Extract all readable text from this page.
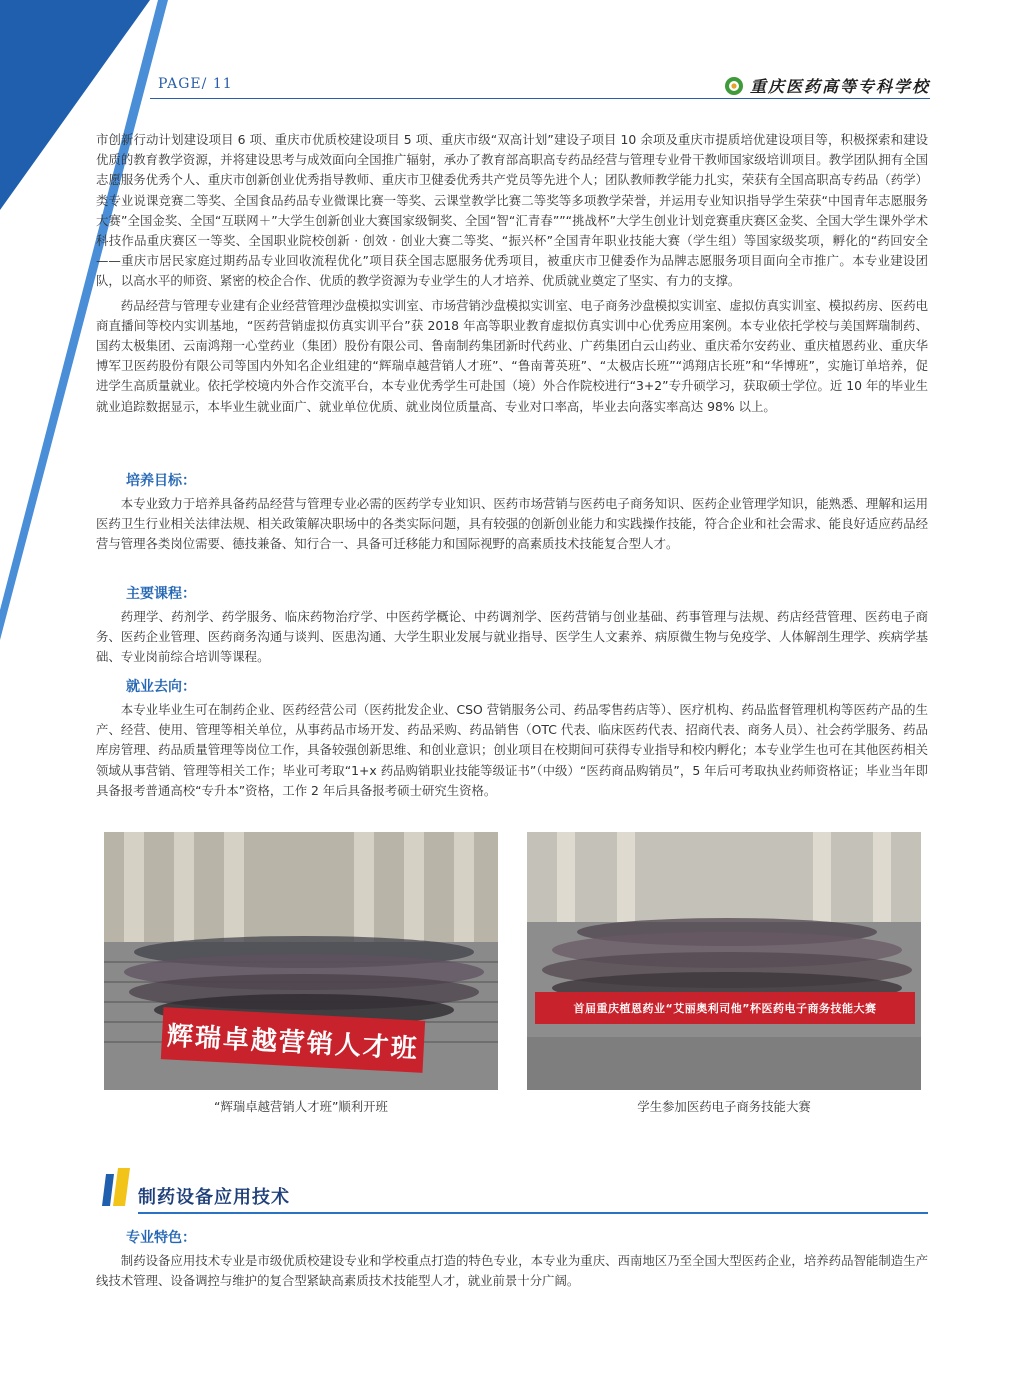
PAGE/ 11	重庆医药高等专科学校

市创新行动计划建设项目 6 项、重庆市优质校建设项目 5 项、重庆市级“双高计划”建设子项目 10 余项及重庆市提质培优建设项目等，积极探索和建设优质的教育教学资源，并将建设思考与成效面向全国推广辐射，承办了教育部高职高专药品经营与管理专业骨干教师国家级培训项目。教学团队拥有全国志愿服务优秀个人、重庆市创新创业优秀指导教师、重庆市卫健委优秀共产党员等先进个人；团队教师教学能力扎实，荣获有全国高职高专药品（药学）类专业说课竞赛二等奖、全国食品药品专业微课比赛一等奖、云课堂教学比赛二等奖等多项教学荣誉，并运用专业知识指导学生荣获“中国青年志愿服务大赛”全国金奖、全国“互联网＋”大学生创新创业大赛国家级铜奖、全国“智“汇青春””“挑战杯”大学生创业计划竞赛重庆赛区金奖、全国大学生课外学术科技作品重庆赛区一等奖、全国职业院校创新 · 创效 · 创业大赛二等奖、“振兴杯”全国青年职业技能大赛（学生组）等国家级奖项，孵化的“药回安全——重庆市居民家庭过期药品专业回收流程优化”项目获全国志愿服务优秀项目，被重庆市卫健委作为品牌志愿服务项目面向全市推广。本专业建设团队，以高水平的师资、紧密的校企合作、优质的教学资源为专业学生的人才培养、优质就业奠定了坚实、有力的支撑。

药品经营与管理专业建有企业经营管理沙盘模拟实训室、市场营销沙盘模拟实训室、电子商务沙盘模拟实训室、虚拟仿真实训室、模拟药房、医药电商直播间等校内实训基地，“医药营销虚拟仿真实训平台”获 2018 年高等职业教育虚拟仿真实训中心优秀应用案例。本专业依托学校与美国辉瑞制药、国药太极集团、云南鸿翔一心堂药业（集团）股份有限公司、鲁南制药集团新时代药业、广药集团白云山药业、重庆希尔安药业、重庆植恩药业、重庆华博军卫医药股份有限公司等国内外知名企业组建的“辉瑞卓越营销人才班”、“鲁南菁英班”、“太极店长班”“鸿翔店长班”和“华博班”，实施订单培养，促进学生高质量就业。依托学校境内外合作交流平台，本专业优秀学生可赴国（境）外合作院校进行“3+2”专升硕学习，获取硕士学位。近 10 年的毕业生就业追踪数据显示，本毕业生就业面广、就业单位优质、就业岗位质量高、专业对口率高，毕业去向落实率高达 98% 以上。

培养目标：

本专业致力于培养具备药品经营与管理专业必需的医药学专业知识、医药市场营销与医药电子商务知识、医药企业管理学知识，能熟悉、理解和运用医药卫生行业相关法律法规、相关政策解决职场中的各类实际问题，具有较强的创新创业能力和实践操作技能，符合企业和社会需求、能良好适应药品经营与管理各类岗位需要、德技兼备、知行合一、具备可迁移能力和国际视野的高素质技术技能复合型人才。

主要课程：

药理学、药剂学、药学服务、临床药物治疗学、中医药学概论、中药调剂学、医药营销与创业基础、药事管理与法规、药店经营管理、医药电子商务、医药企业管理、医药商务沟通与谈判、医患沟通、大学生职业发展与就业指导、医学生人文素养、病原微生物与免疫学、人体解剖生理学、疾病学基础、专业岗前综合培训等课程。

就业去向：

本专业毕业生可在制药企业、医药经营公司（医药批发企业、CSO 营销服务公司、药品零售药店等）、医疗机构、药品监督管理机构等医药产品的生产、经营、使用、管理等相关单位，从事药品市场开发、药品采购、药品销售（OTC 代表、临床医药代表、招商代表、商务人员）、社会药学服务、药品库房管理、药品质量管理等岗位工作，具备较强创新思维、和创业意识；创业项目在校期间可获得专业指导和校内孵化；本专业学生也可在其他医药相关领域从事营销、管理等相关工作；毕业可考取“1+x 药品购销职业技能等级证书”（中级）“医药商品购销员”，5 年后可考取执业药师资格证；毕业当年即具备报考普通高校“专升本”资格，工作 2 年后具备报考硕士研究生资格。

辉瑞卓越营销人才班
“辉瑞卓越营销人才班”顺利开班
首届重庆植恩药业“艾丽奥利司他”杯医药电子商务技能大赛
学生参加医药电子商务技能大赛
制药设备应用技术
专业特色：

制药设备应用技术专业是市级优质校建设专业和学校重点打造的特色专业，本专业为重庆、西南地区乃至全国大型医药企业，培养药品智能制造生产线技术管理、设备调控与维护的复合型紧缺高素质技术技能型人才，就业前景十分广阔。
